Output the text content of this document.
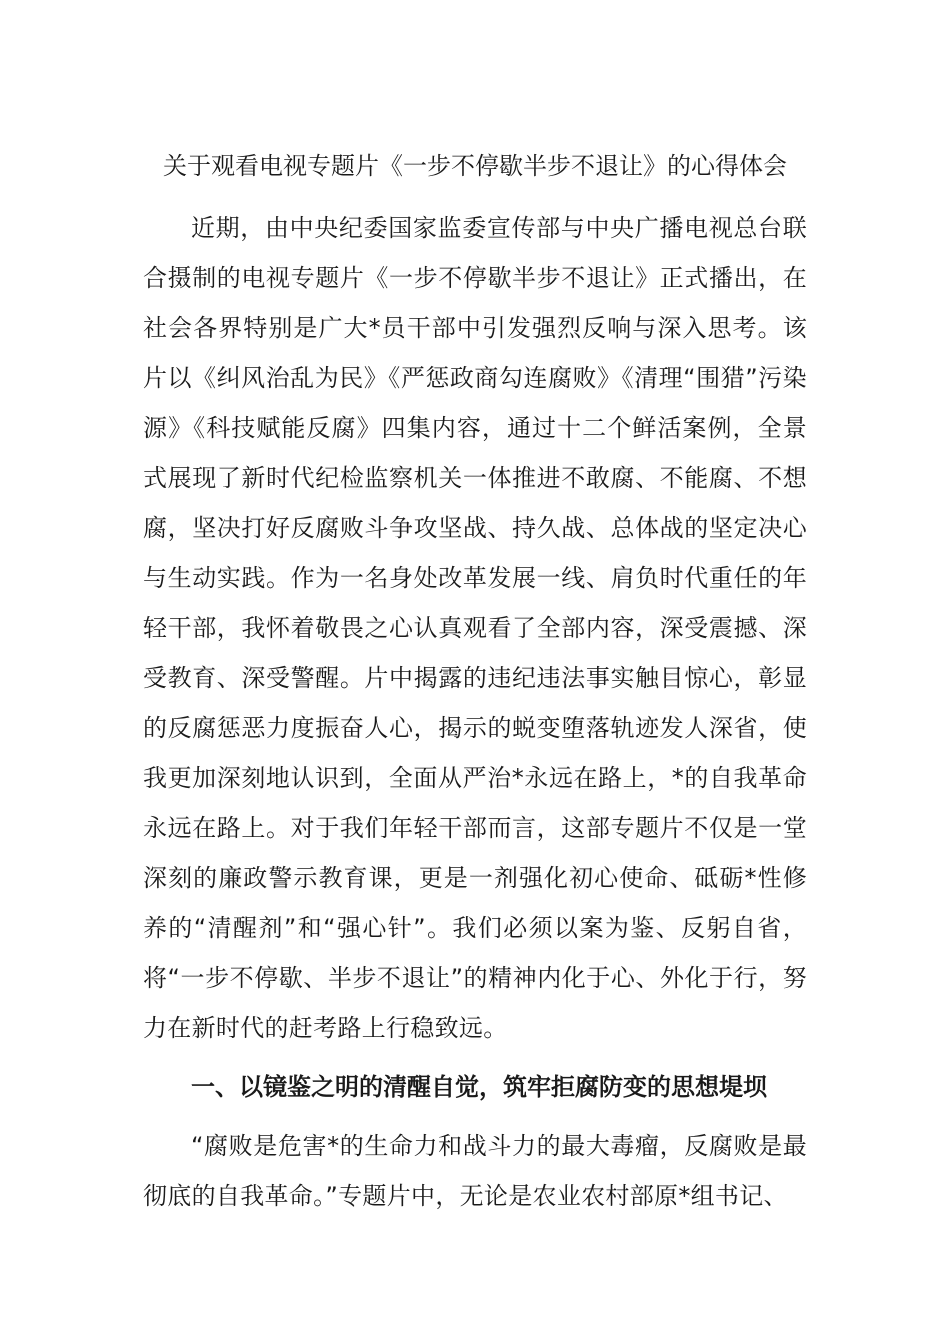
关于观看电视专题片《一步不停歇半步不退让》的心得体会

近期，由中央纪委国家监委宣传部与中央广播电视总台联合摄制的电视专题片《一步不停歇半步不退让》正式播出，在社会各界特别是广大*员干部中引发强烈反响与深入思考。该片以《纠风治乱为民》《严惩政商勾连腐败》《清理“围猎”污染源》《科技赋能反腐》四集内容，通过十二个鲜活案例，全景式展现了新时代纪检监察机关一体推进不敢腐、不能腐、不想腐，坚决打好反腐败斗争攻坚战、持久战、总体战的坚定决心与生动实践。作为一名身处改革发展一线、肩负时代重任的年轻干部，我怀着敬畏之心认真观看了全部内容，深受震撼、深受教育、深受警醒。片中揭露的违纪违法事实触目惊心，彰显的反腐惩恶力度振奋人心，揭示的蜕变堕落轨迹发人深省，使我更加深刻地认识到，全面从严治*永远在路上，*的自我革命永远在路上。对于我们年轻干部而言，这部专题片不仅是一堂深刻的廉政警示教育课，更是一剂强化初心使命、砥砺*性修养的“清醒剂”和“强心针”。我们必须以案为鉴、反躬自省，将“一步不停歇、半步不退让”的精神内化于心、外化于行，努力在新时代的赶考路上行稳致远。

一、以镜鉴之明的清醒自觉，筑牢拒腐防变的思想堤坝

“腐败是危害*的生命力和战斗力的最大毒瘤，反腐败是最彻底的自我革命。”专题片中，无论是农业农村部原*组书记、
